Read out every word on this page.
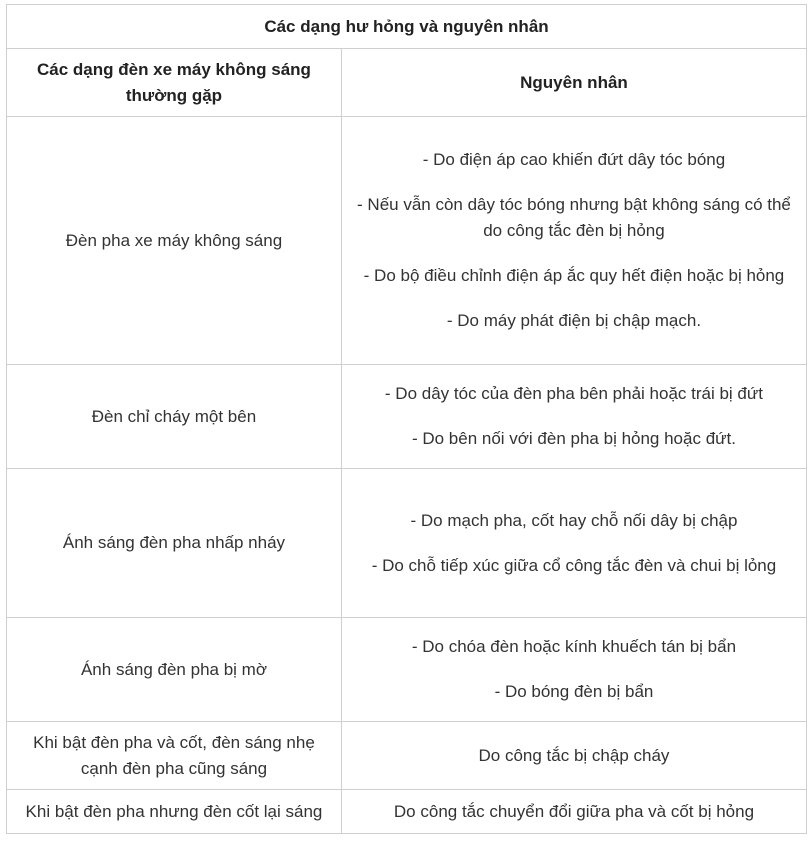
Các dạng hư hỏng và nguyên nhân	
Các dạng đèn xe máy không sáng thường gặp	Nguyên nhân
Đèn pha xe máy không sáng	- Do điện áp cao khiến đứt dây tóc bóng

- Nếu vẫn còn dây tóc bóng nhưng bật không sáng có thể do công tắc đèn bị hỏng

- Do bộ điều chỉnh điện áp ắc quy hết điện hoặc bị hỏng

- Do máy phát điện bị chập mạch.

Đèn chỉ cháy một bên	- Do dây tóc của đèn pha bên phải hoặc trái bị đứt

- Do bên nối với đèn pha bị hỏng hoặc đứt.

Ánh sáng đèn pha nhấp nháy	- Do mạch pha, cốt hay chỗ nối dây bị chập

- Do chỗ tiếp xúc giữa cổ công tắc đèn và chui bị lỏng

Ánh sáng đèn pha bị mờ	- Do chóa đèn hoặc kính khuếch tán bị bẩn

- Do bóng đèn bị bẩn

Khi bật đèn pha và cốt, đèn sáng nhẹ cạnh đèn pha cũng sáng	Do công tắc bị chập cháy

Khi bật đèn pha nhưng đèn cốt lại sáng	Do công tắc chuyển đổi giữa pha và cốt bị hỏng
